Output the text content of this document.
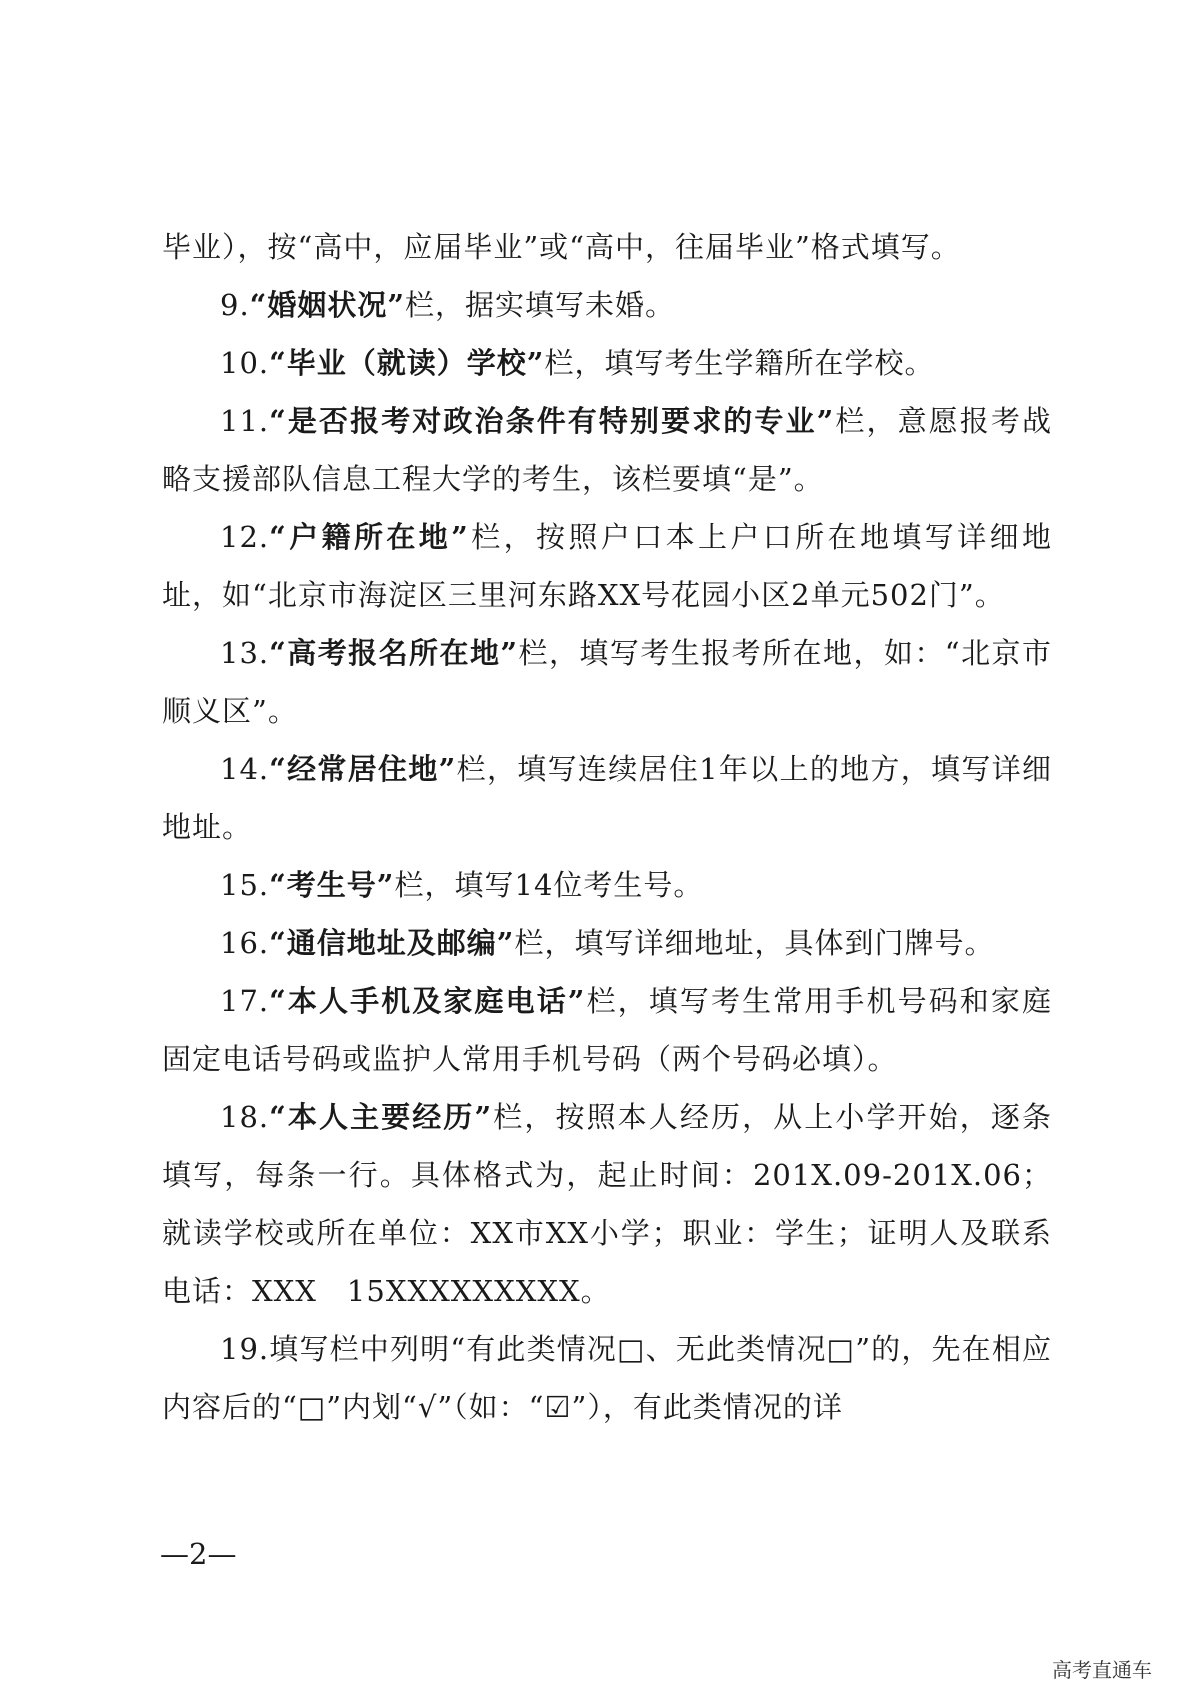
毕业），按“高中，应届毕业”或“高中，往届毕业”格式填写。

9.“婚姻状况”栏，据实填写未婚。

10.“毕业（就读）学校”栏，填写考生学籍所在学校。

11.“是否报考对政治条件有特别要求的专业”栏，意愿报考战略支援部队信息工程大学的考生，该栏要填“是”。

12.“户籍所在地”栏，按照户口本上户口所在地填写详细地址，如“北京市海淀区三里河东路XX号花园小区2单元502门”。

13.“高考报名所在地”栏，填写考生报考所在地，如：“北京市顺义区”。

14.“经常居住地”栏，填写连续居住1年以上的地方，填写详细地址。

15.“考生号”栏，填写14位考生号。

16.“通信地址及邮编”栏，填写详细地址，具体到门牌号。

17.“本人手机及家庭电话”栏，填写考生常用手机号码和家庭固定电话号码或监护人常用手机号码（两个号码必填）。

18.“本人主要经历”栏，按照本人经历，从上小学开始，逐条填写，每条一行。具体格式为，起止时间：201X.09-201X.06；就读学校或所在单位：XX市XX小学；职业：学生；证明人及联系电话：XXX　15XXXXXXXXX。

19.填写栏中列明“有此类情况□、无此类情况□”的，先在相应内容后的“□”内划“√”（如：“☑”），有此类情况的详

—2—
高考直通车
